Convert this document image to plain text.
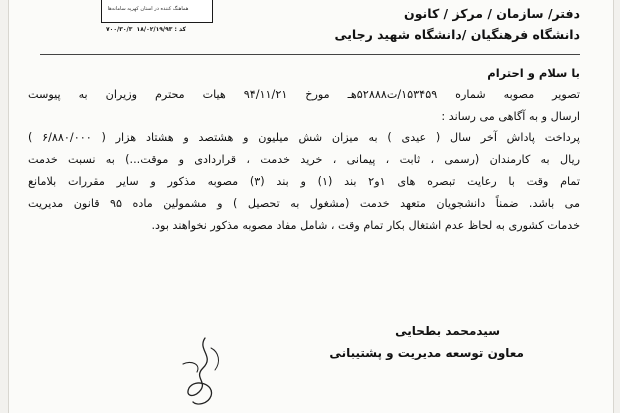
هماهنگ کننده در استان کهرپه سامانه‌ها
کد : ۱۸/۰۲/۱۹/۹۳  ۷۰۰/۳۰/۳
دفتر/ سازمان / مرکز / کانون
دانشگاه فرهنگیان /دانشگاه شهید رجایی
با سلام و احترام
تصویر مصوبه شماره ۱۵۳۴۵۹/ت۵۲۸۸۸هـ مورخ ۹۴/۱۱/۲۱ هیات محترم وزیران به پیوست
ارسال و به آگاهی می رساند :
پرداخت پاداش آخر سال ( عیدی ) به میزان شش میلیون و هشتصد و هشتاد هزار ( ۶/۸۸۰/۰۰۰ )
ریال به کارمندان (رسمی ، ثابت ، پیمانی ، خرید خدمت ، قراردادی و موقت...) به نسبت خدمت
تمام وقت با رعایت تبصره های ۱و۲ بند (۱) و بند (۳) مصوبه مذکور و سایر مقررات بلامانع
می باشد. ضمناً دانشجویان متعهد خدمت (مشغول به تحصیل ) و مشمولین ماده ۹۵ قانون مدیریت
خدمات کشوری به لحاظ عدم اشتغال بکار تمام وقت ، شامل مفاد مصوبه مذکور نخواهند بود.
سیدمحمد بطحایی
معاون توسعه مدیریت و پشتیبانی
